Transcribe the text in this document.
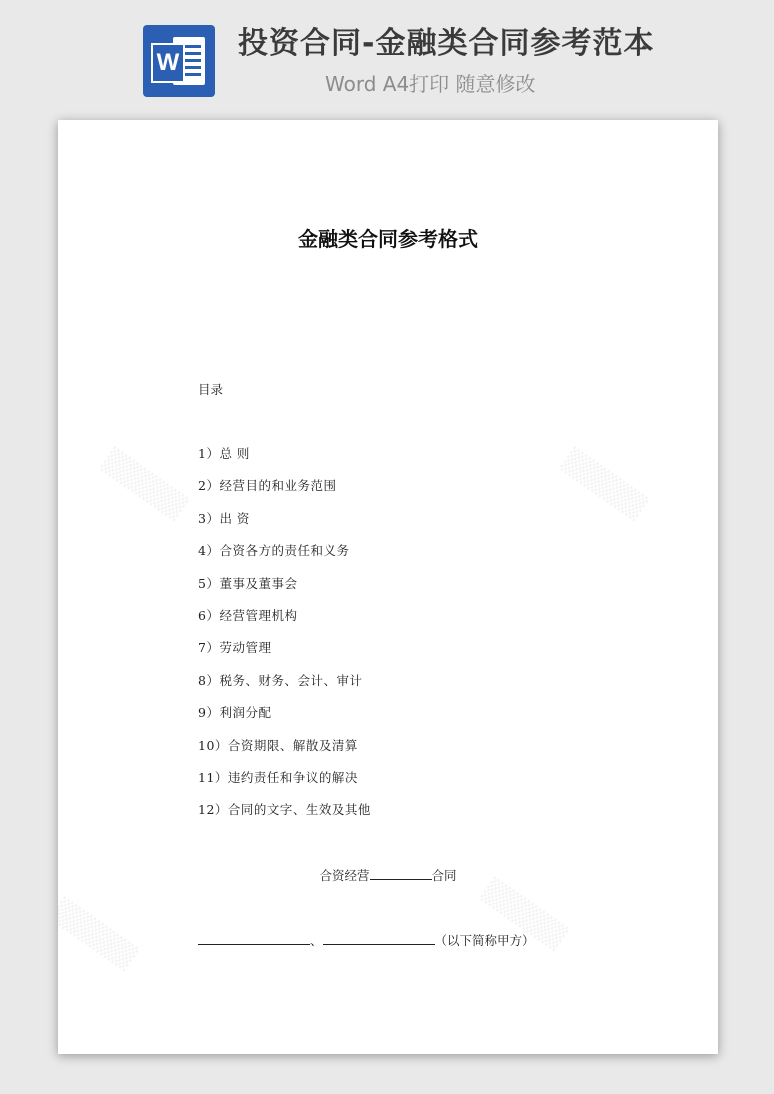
W
投资合同-金融类合同参考范本
Word A4打印 随意修改
金融类合同参考格式
目录
1）总 则
2）经营目的和业务范围
3）出 资
4）合资各方的责任和义务
5）董事及董事会
6）经营管理机构
7）劳动管理
8）税务、财务、会计、审计
9）利润分配
10）合资期限、解散及清算
11）违约责任和争议的解决
12）合同的文字、生效及其他
合资经营	合同
、	（以下简称甲方）
